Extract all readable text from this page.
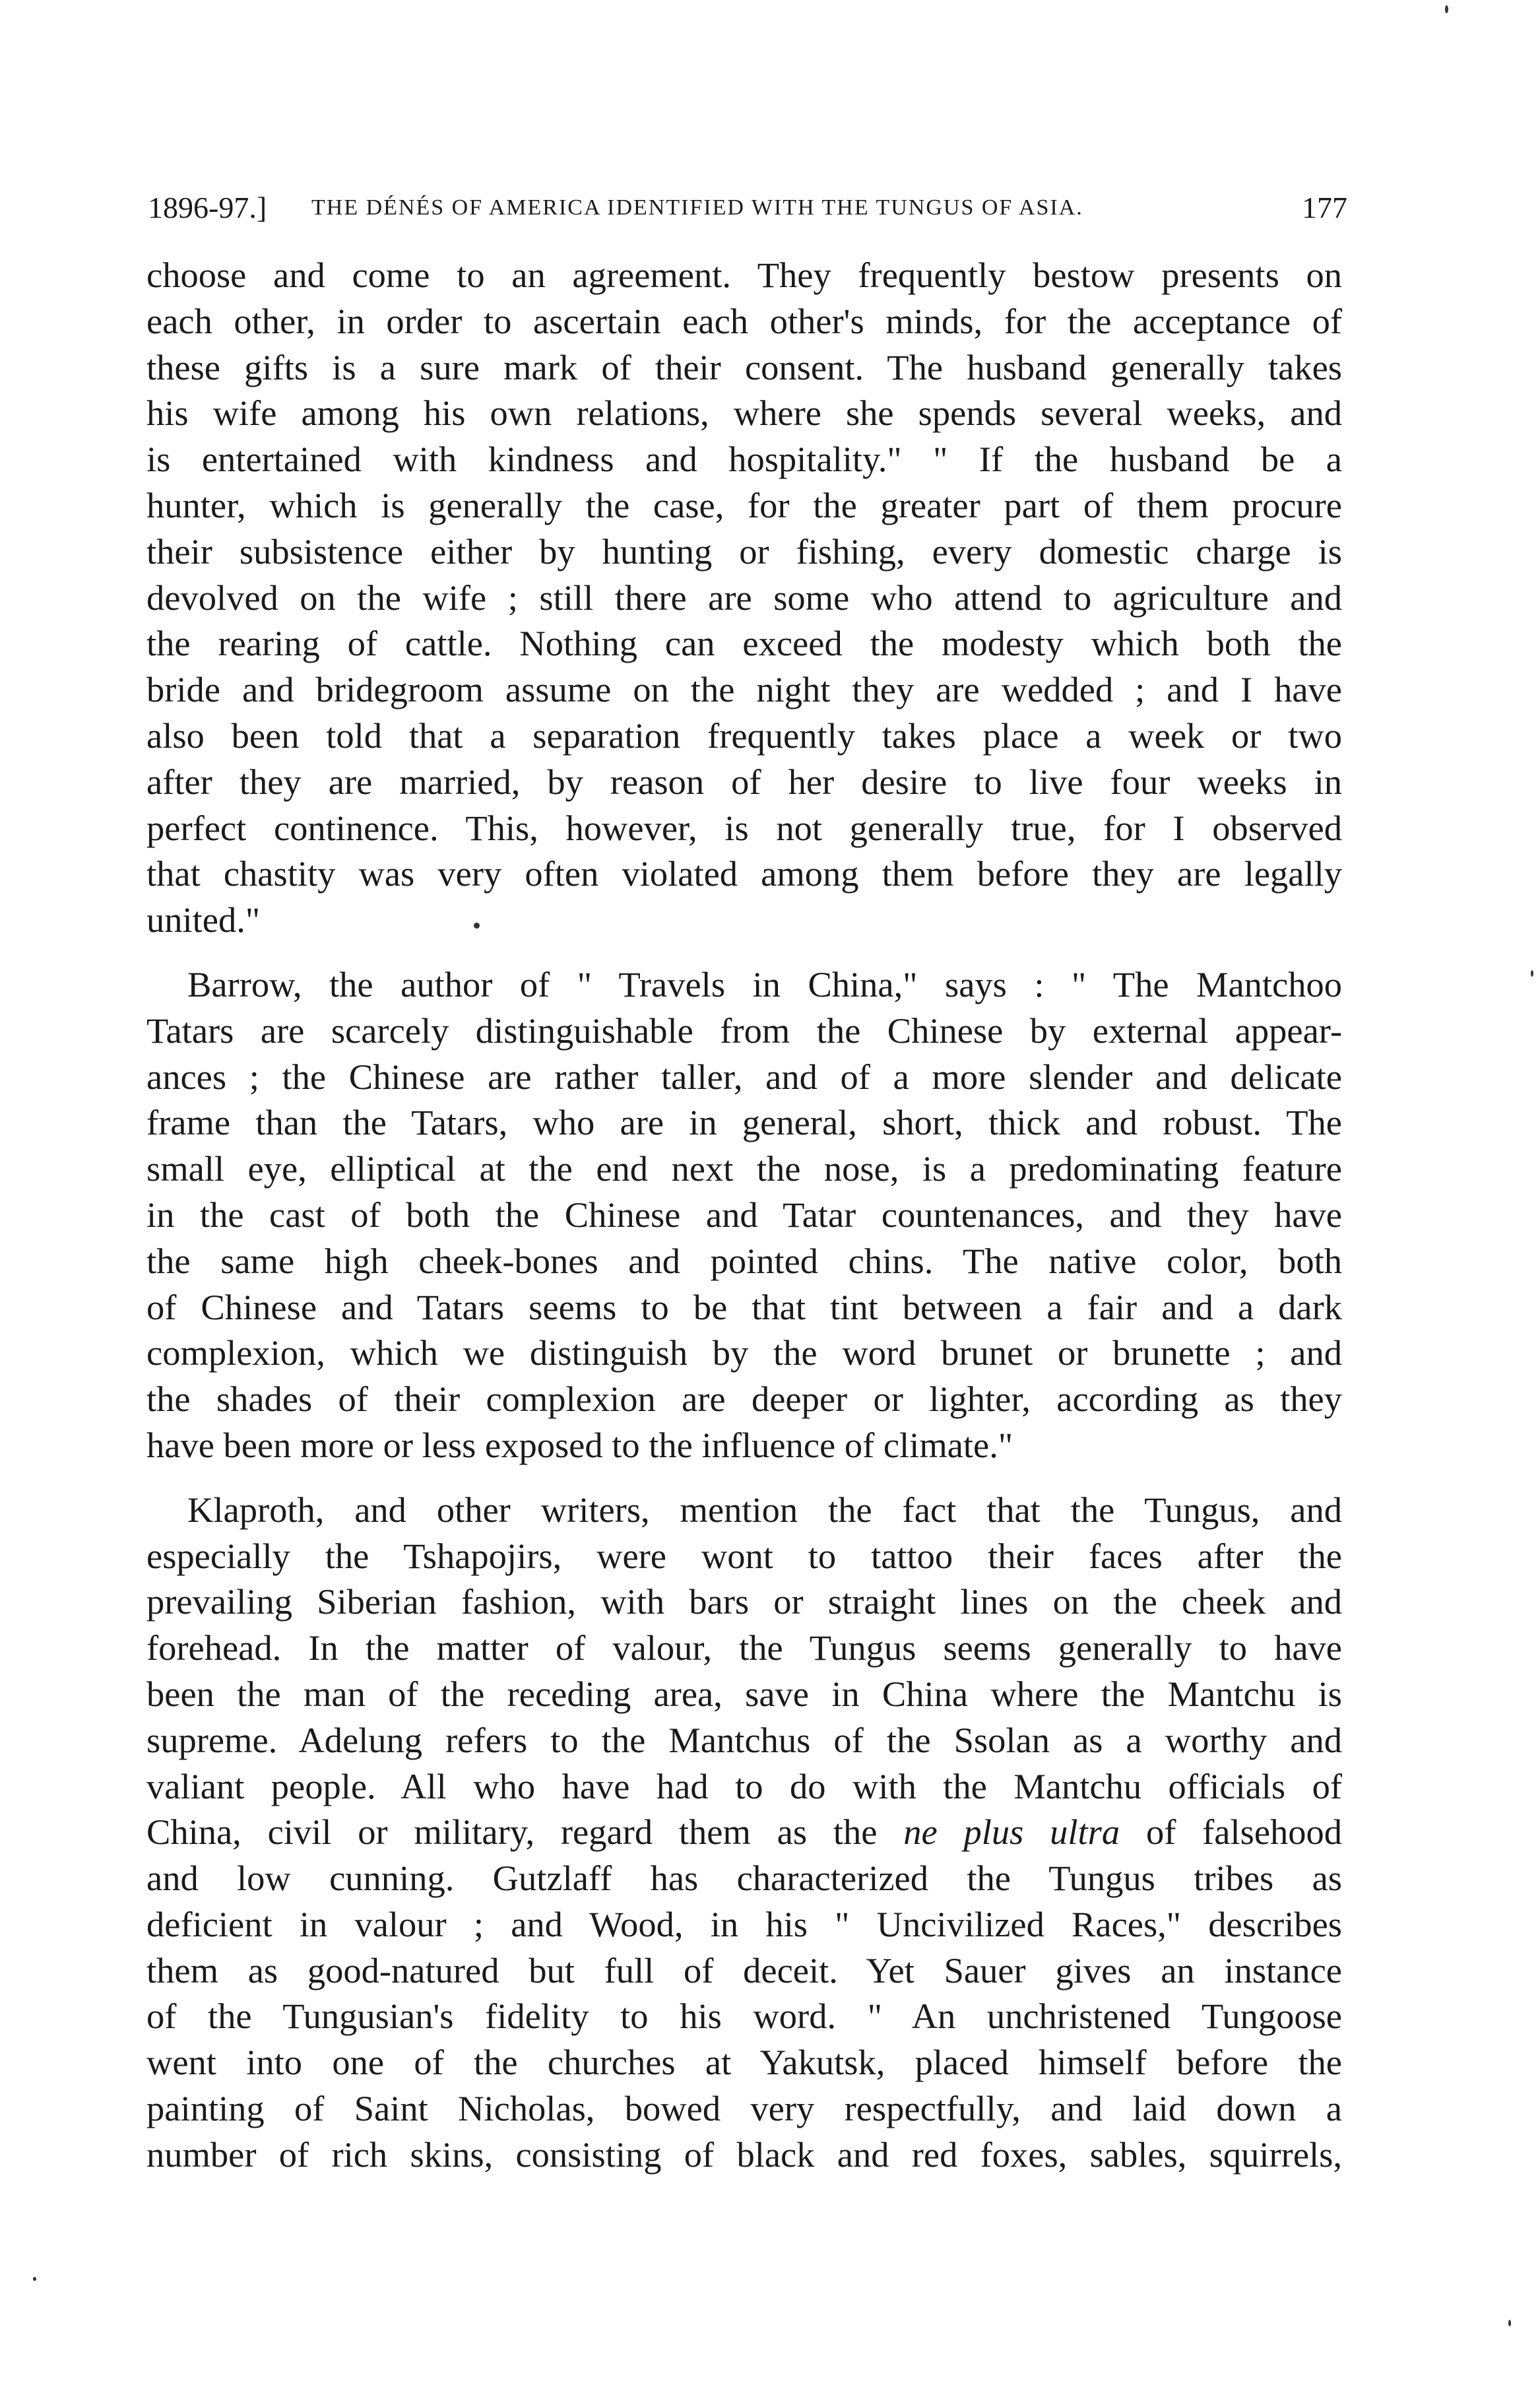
1896-97.] THE DÉNÉS OF AMERICA IDENTIFIED WITH THE TUNGUS OF ASIA.	177
choose and come to an agreement. They frequently bestow presents on
each other, in order to ascertain each other's minds, for the acceptance of
these gifts is a sure mark of their consent. The husband generally takes
his wife among his own relations, where she spends several weeks, and
is entertained with kindness and hospitality." " If the husband be a
hunter, which is generally the case, for the greater part of them procure
their subsistence either by hunting or fishing, every domestic charge is
devolved on the wife ; still there are some who attend to agriculture and
the rearing of cattle. Nothing can exceed the modesty which both the
bride and bridegroom assume on the night they are wedded ; and I have
also been told that a separation frequently takes place a week or two
after they are married, by reason of her desire to live four weeks in
perfect continence. This, however, is not generally true, for I observed
that chastity was very often violated among them before they are legally
united."
Barrow, the author of " Travels in China," says : " The Mantchoo
Tatars are scarcely distinguishable from the Chinese by external appear-
ances ; the Chinese are rather taller, and of a more slender and delicate
frame than the Tatars, who are in general, short, thick and robust. The
small eye, elliptical at the end next the nose, is a predominating feature
in the cast of both the Chinese and Tatar countenances, and they have
the same high cheek-bones and pointed chins. The native color, both
of Chinese and Tatars seems to be that tint between a fair and a dark
complexion, which we distinguish by the word brunet or brunette ; and
the shades of their complexion are deeper or lighter, according as they
have been more or less exposed to the influence of climate."
Klaproth, and other writers, mention the fact that the Tungus, and
especially the Tshapojirs, were wont to tattoo their faces after the
prevailing Siberian fashion, with bars or straight lines on the cheek and
forehead. In the matter of valour, the Tungus seems generally to have
been the man of the receding area, save in China where the Mantchu is
supreme. Adelung refers to the Mantchus of the Ssolan as a worthy and
valiant people. All who have had to do with the Mantchu officials of
China, civil or military, regard them as the ne plus ultra of falsehood
and low cunning. Gutzlaff has characterized the Tungus tribes as
deficient in valour ; and Wood, in his " Uncivilized Races," describes
them as good-natured but full of deceit. Yet Sauer gives an instance
of the Tungusian's fidelity to his word. " An unchristened Tungoose
went into one of the churches at Yakutsk, placed himself before the
painting of Saint Nicholas, bowed very respectfully, and laid down a
number of rich skins, consisting of black and red foxes, sables, squirrels,
